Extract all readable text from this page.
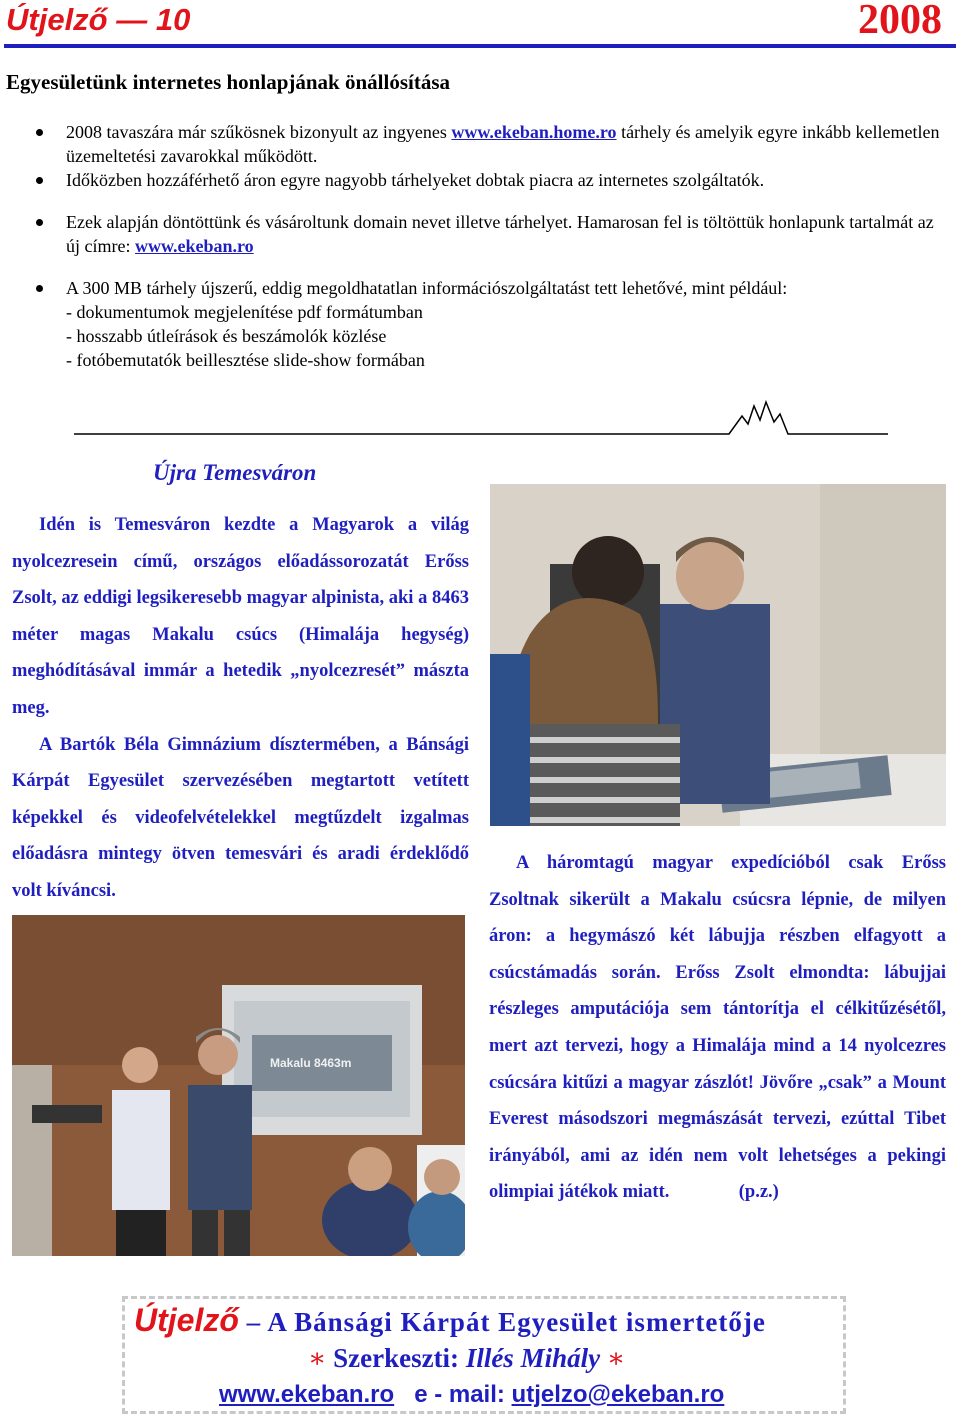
Útjelző — 10	2008
Egyesületünk internetes honlapjának önállósítása
2008 tavaszára már szűkösnek bizonyult az ingyenes www.ekeban.home.ro tárhely és amelyik egyre inkább kellemetlen üzemeltetési zavarokkal működött.
Időközben hozzáférhető áron egyre nagyobb tárhelyeket dobtak piacra az internetes szolgáltatók.
Ezek alapján döntöttünk és vásároltunk domain nevet illetve tárhelyet. Hamarosan fel is töltöttük honlapunk tartalmát az új címre: www.ekeban.ro
A 300 MB tárhely újszerű, eddig megoldhatatlan információszolgáltatást tett lehetővé, mint például:
- dokumentumok megjelenítése pdf formátumban
- hosszabb útleírások és beszámolók közlése
- fotóbemutatók beillesztése slide-show formában
Újra Temesváron

Idén is Temesváron kezdte a Magyarok a világ nyolcezresein című, országos előadássorozatát Erőss Zsolt, az eddigi legsikeresebb magyar alpinista, aki a 8463 méter magas Makalu csúcs (Himalája hegység) meghódításával immár a hetedik „nyolcezresét” mászta meg.

A Bartók Béla Gimnázium dísztermében, a Bánsági Kárpát Egyesület szervezésében megtartott vetített képekkel és videofelvételekkel megtűzdelt izgalmas előadásra mintegy ötven temesvári és aradi érdeklődő volt kíváncsi.

A háromtagú magyar expedícióból csak Erőss Zsoltnak sikerült a Makalu csúcsra lépnie, de milyen áron: a hegymászó két lábujja részben elfagyott a csúcstámadás során. Erőss Zsolt elmondta: lábujjai részleges amputációja sem tántorítja el célkitűzésétől, mert azt tervezi, hogy a Himalája mind a 14 nyolcezres csúcsára kitűzi a magyar zászlót! Jövőre „csak” a Mount Everest másodszori megmászását tervezi, ezúttal Tibet irányából, ami az idén nem volt lehetséges a pekingi olimpiai játékok miatt.	(p.z.)

Makalu 8463m
Útjelző – A Bánsági Kárpát Egyesület ismertetője
∗ Szerkeszti: Illés Mihály ∗
www.ekeban.ro e - mail: utjelzo@ekeban.ro
